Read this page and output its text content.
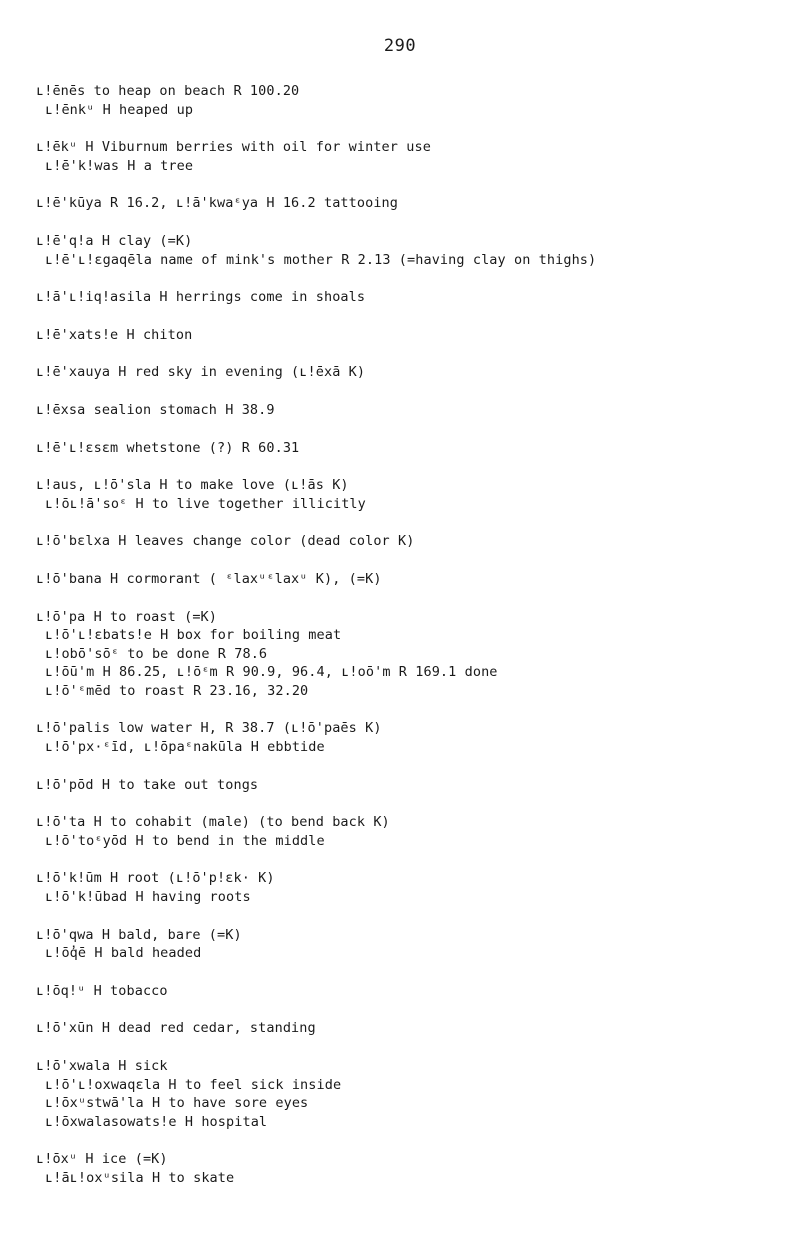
290
ʟ!ēnēs to heap on beach R 100.20
ʟ!ēnkᵘ H heaped up
ʟ!ēkᵘ H Viburnum berries with oil for winter use
ʟ!ē'k!was H a tree
ʟ!ē'kūya R 16.2, ʟ!ā'kwaᵋya H 16.2 tattooing
ʟ!ē'q!a H clay (=K)
ʟ!ē'ʟ!ɛgaqēla name of mink's mother R 2.13 (=having clay on thighs)
ʟ!ā'ʟ!iq!asila H herrings come in shoals
ʟ!ē'xats!e H chiton
ʟ!ē'xauya H red sky in evening (ʟ!ēxā K)
ʟ!ēxsa sealion stomach H 38.9
ʟ!ē'ʟ!ɛsɛm whetstone (?) R 60.31
ʟ!aus, ʟ!ō'sla H to make love (ʟ!ās K)
ʟ!ōʟ!ā'soᵋ H to live together illicitly
ʟ!ō'bɛlxa H leaves change color (dead color K)
ʟ!ō'bana H cormorant ( ᵋlaxᵘᵋlaxᵘ K), (=K)
ʟ!ō'pa H to roast (=K)
ʟ!ō'ʟ!ɛbats!e H box for boiling meat
ʟ!obō'sōᵋ to be done R 78.6
ʟ!ōū'm H 86.25, ʟ!ōᵋm R 90.9, 96.4, ʟ!oō'm R 169.1 done
ʟ!ō'ᵋmēd to roast R 23.16, 32.20
ʟ!ō'palis low water H, R 38.7 (ʟ!ō'paēs K)
ʟ!ō'px·ᵋīd, ʟ!ōpaᵋnakūla H ebbtide
ʟ!ō'pōd H to take out tongs
ʟ!ō'ta H to cohabit (male) (to bend back K)
ʟ!ō'toᵋyōd H to bend in the middle
ʟ!ō'k!ūm H root (ʟ!ō'p!ɛk· K)
ʟ!ō'k!ūbad H having roots
ʟ!ō'qwa H bald, bare (=K)
ʟ!ōq̓ē H bald headed
ʟ!ōq!ᵘ H tobacco
ʟ!ō'xūn H dead red cedar, standing
ʟ!ō'xwala H sick
ʟ!ō'ʟ!oxwaqɛla H to feel sick inside
ʟ!ōxᵘstwā'la H to have sore eyes
ʟ!ōxwalasowats!e H hospital
ʟ!ōxᵘ H ice (=K)
ʟ!āʟ!oxᵘsila H to skate
